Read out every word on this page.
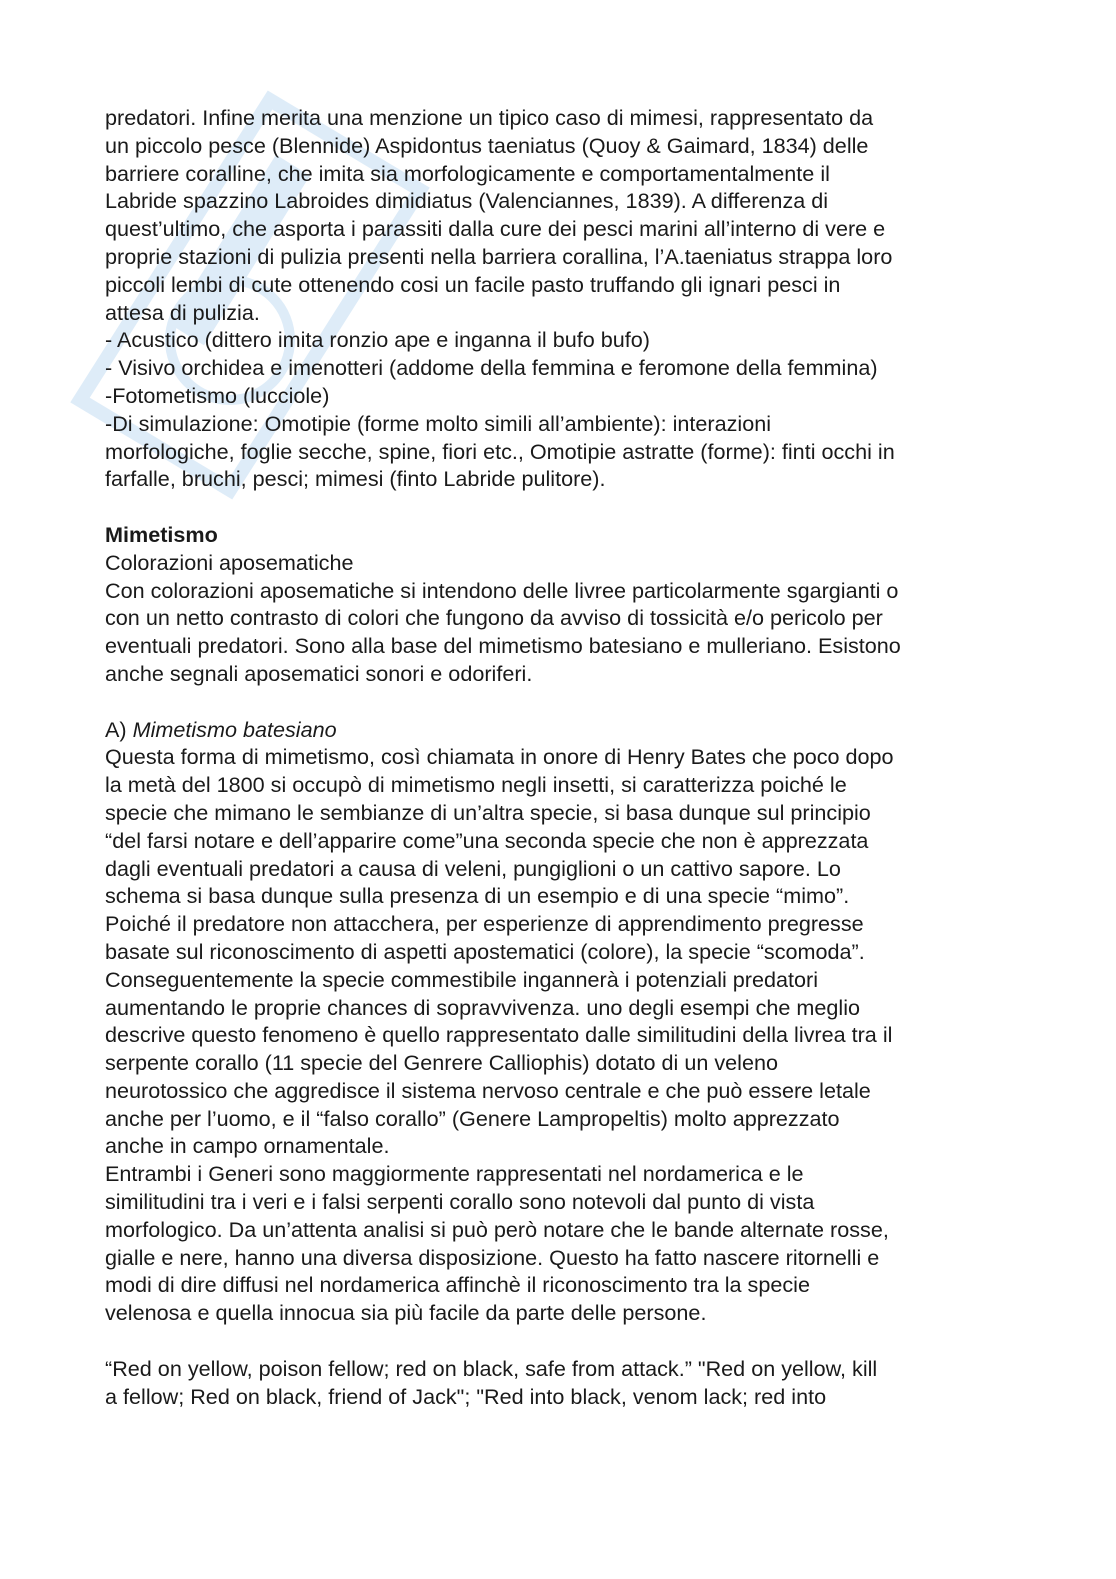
predatori. Infine merita una menzione un tipico caso di mimesi, rappresentato da
un piccolo pesce (Blennide) Aspidontus taeniatus (Quoy & Gaimard, 1834) delle
barriere coralline, che imita sia morfologicamente e comportamentalmente il
Labride spazzino Labroides dimidiatus (Valenciannes, 1839). A differenza di
quest’ultimo, che asporta i parassiti dalla cure dei pesci marini all’interno di vere e
proprie stazioni di pulizia presenti nella barriera corallina, l’A.taeniatus strappa loro
piccoli lembi di cute ottenendo cosi un facile pasto truffando gli ignari pesci in
attesa di pulizia.
- Acustico (dittero imita ronzio ape e inganna il bufo bufo)
- Visivo orchidea e imenotteri (addome della femmina e feromone della femmina)
-Fotometismo (lucciole)
-Di simulazione: Omotipie (forme molto simili all’ambiente): interazioni
morfologiche, foglie secche, spine, fiori etc., Omotipie astratte (forme): finti occhi in
farfalle, bruchi, pesci; mimesi (finto Labride pulitore).
Mimetismo
Colorazioni aposematiche
Con colorazioni aposematiche si intendono delle livree particolarmente sgargianti o
con un netto contrasto di colori che fungono da avviso di tossicità e/o pericolo per
eventuali predatori. Sono alla base del mimetismo batesiano e mulleriano. Esistono
anche segnali aposematici sonori e odoriferi.
A) Mimetismo batesiano
Questa forma di mimetismo, così chiamata in onore di Henry Bates che poco dopo
la metà del 1800 si occupò di mimetismo negli insetti, si caratterizza poiché le
specie che mimano le sembianze di un’altra specie, si basa dunque sul principio
“del farsi notare e dell’apparire come”una seconda specie che non è apprezzata
dagli eventuali predatori a causa di veleni, pungiglioni o un cattivo sapore. Lo
schema si basa dunque sulla presenza di un esempio e di una specie “mimo”.
Poiché il predatore non attacchera, per esperienze di apprendimento pregresse
basate sul riconoscimento di aspetti apostematici (colore), la specie “scomoda”.
Conseguentemente la specie commestibile ingannerà i potenziali predatori
aumentando le proprie chances di sopravvivenza. uno degli esempi che meglio
descrive questo fenomeno è quello rappresentato dalle similitudini della livrea tra il
serpente corallo (11 specie del Genrere Calliophis) dotato di un veleno
neurotossico che aggredisce il sistema nervoso centrale e che può essere letale
anche per l’uomo, e il “falso corallo” (Genere Lampropeltis) molto apprezzato
anche in campo ornamentale.
Entrambi i Generi sono maggiormente rappresentati nel nordamerica e le
similitudini tra i veri e i falsi serpenti corallo sono notevoli dal punto di vista
morfologico. Da un’attenta analisi si può però notare che le bande alternate rosse,
gialle e nere, hanno una diversa disposizione. Questo ha fatto nascere ritornelli e
modi di dire diffusi nel nordamerica affinchè il riconoscimento tra la specie
velenosa e quella innocua sia più facile da parte delle persone.
“Red on yellow, poison fellow; red on black, safe from attack.” "Red on yellow, kill
a fellow; Red on black, friend of Jack"; "Red into black, venom lack; red into
